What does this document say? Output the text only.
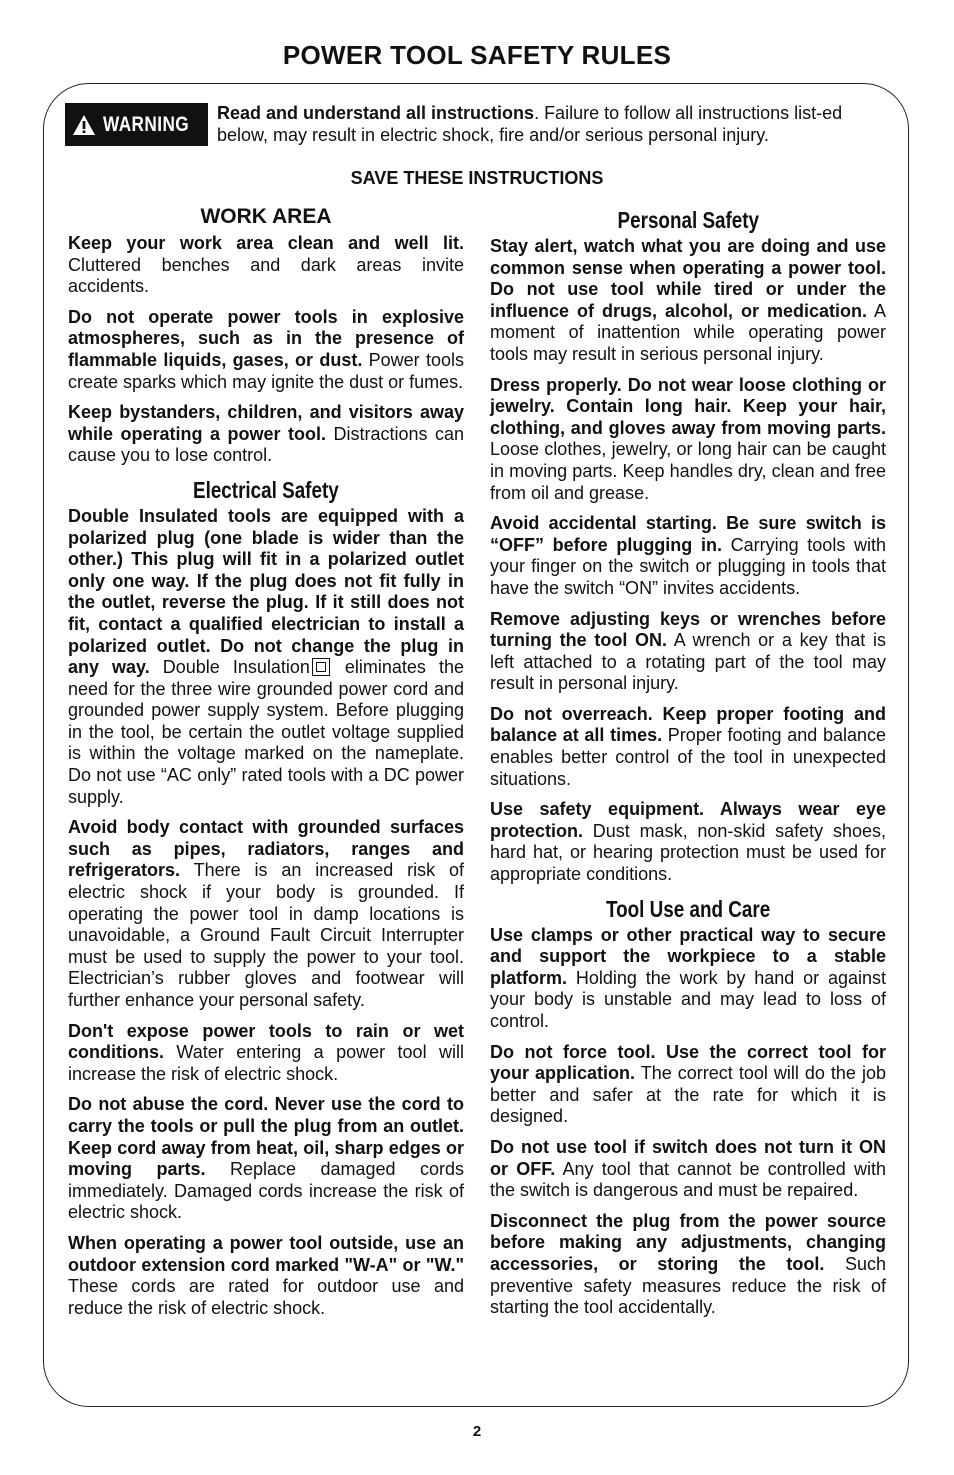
POWER TOOL SAFETY RULES
WARNING Read and understand all instructions. Failure to follow all instructions list-ed below, may result in electric shock, fire and/or serious personal injury.

SAVE THESE INSTRUCTIONS

WORK AREA

Keep your work area clean and well lit. Cluttered benches and dark areas invite accidents.

Do not operate power tools in explosive atmospheres, such as in the presence of flammable liquids, gases, or dust. Power tools create sparks which may ignite the dust or fumes.

Keep bystanders, children, and visitors away while operating a power tool. Distractions can cause you to lose control.

Electrical Safety

Double Insulated tools are equipped with a polarized plug (one blade is wider than the other.) This plug will fit in a polarized outlet only one way. If the plug does not fit fully in the outlet, reverse the plug. If it still does not fit, contact a qualified electrician to install a polarized outlet. Do not change the plug in any way. Double Insulation eliminates the need for the three wire grounded power cord and grounded power supply system. Before plugging in the tool, be certain the outlet voltage supplied is within the voltage marked on the nameplate. Do not use “AC only” rated tools with a DC power supply.

Avoid body contact with grounded surfaces such as pipes, radiators, ranges and refrigerators. There is an increased risk of electric shock if your body is grounded. If operating the power tool in damp locations is unavoidable, a Ground Fault Circuit Interrupter must be used to supply the power to your tool. Electrician’s rubber gloves and footwear will further enhance your personal safety.

Don't expose power tools to rain or wet conditions. Water entering a power tool will increase the risk of electric shock.

Do not abuse the cord. Never use the cord to carry the tools or pull the plug from an outlet. Keep cord away from heat, oil, sharp edges or moving parts. Replace damaged cords immediately. Damaged cords increase the risk of electric shock.

When operating a power tool outside, use an outdoor extension cord marked "W-A" or "W." These cords are rated for outdoor use and reduce the risk of electric shock.

Personal Safety

Stay alert, watch what you are doing and use common sense when operating a power tool. Do not use tool while tired or under the influence of drugs, alcohol, or medication. A moment of inattention while operating power tools may result in serious personal injury.

Dress properly. Do not wear loose clothing or jewelry. Contain long hair. Keep your hair, clothing, and gloves away from moving parts. Loose clothes, jewelry, or long hair can be caught in moving parts. Keep handles dry, clean and free from oil and grease.

Avoid accidental starting. Be sure switch is “OFF” before plugging in. Carrying tools with your finger on the switch or plugging in tools that have the switch “ON” invites accidents.

Remove adjusting keys or wrenches before turning the tool ON. A wrench or a key that is left attached to a rotating part of the tool may result in personal injury.

Do not overreach. Keep proper footing and balance at all times. Proper footing and balance enables better control of the tool in unexpected situations.

Use safety equipment. Always wear eye protection. Dust mask, non-skid safety shoes, hard hat, or hearing protection must be used for appropriate conditions.

Tool Use and Care

Use clamps or other practical way to secure and support the workpiece to a stable platform. Holding the work by hand or against your body is unstable and may lead to loss of control.

Do not force tool. Use the correct tool for your application. The correct tool will do the job better and safer at the rate for which it is designed.

Do not use tool if switch does not turn it ON or OFF. Any tool that cannot be controlled with the switch is dangerous and must be repaired.

Disconnect the plug from the power source before making any adjustments, changing accessories, or storing the tool. Such preventive safety measures reduce the risk of starting the tool accidentally.

2
